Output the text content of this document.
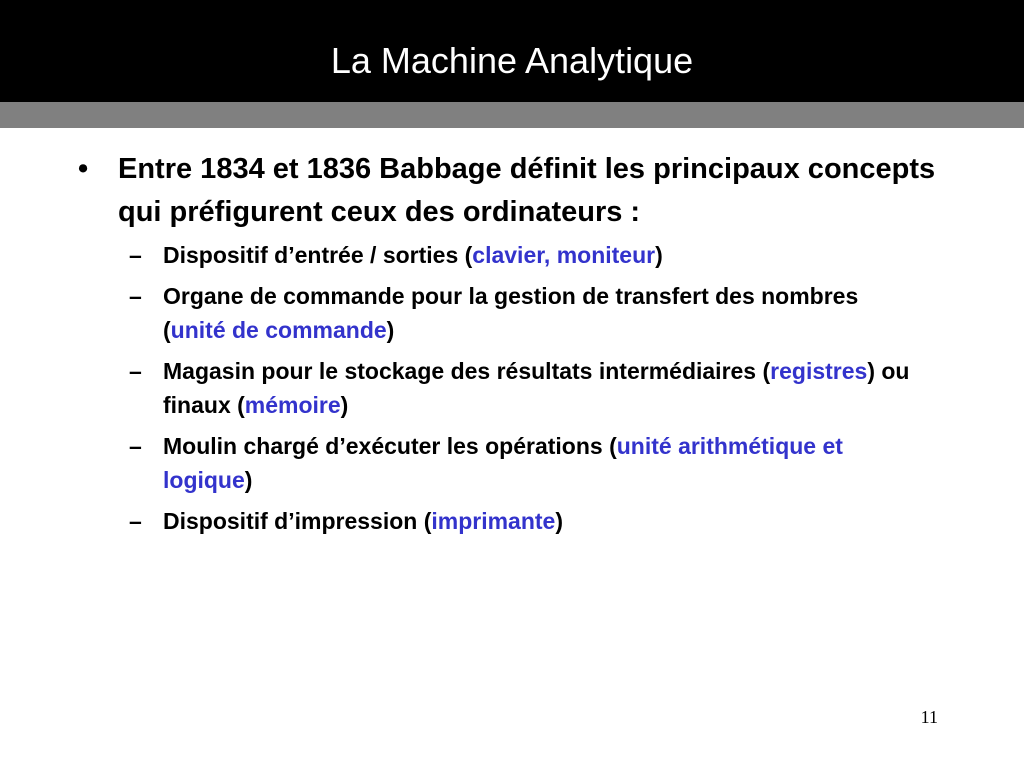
La Machine Analytique
• Entre 1834 et 1836 Babbage définit les principaux concepts qui préfigurent ceux des ordinateurs :
– Dispositif d’entrée / sorties (clavier, moniteur)
– Organe de commande pour la gestion de transfert des nombres (unité de commande)
– Magasin pour le stockage des résultats intermédiaires (registres) ou finaux (mémoire)
– Moulin chargé d’exécuter les opérations (unité arithmétique et logique)
– Dispositif d’impression (imprimante)
11
